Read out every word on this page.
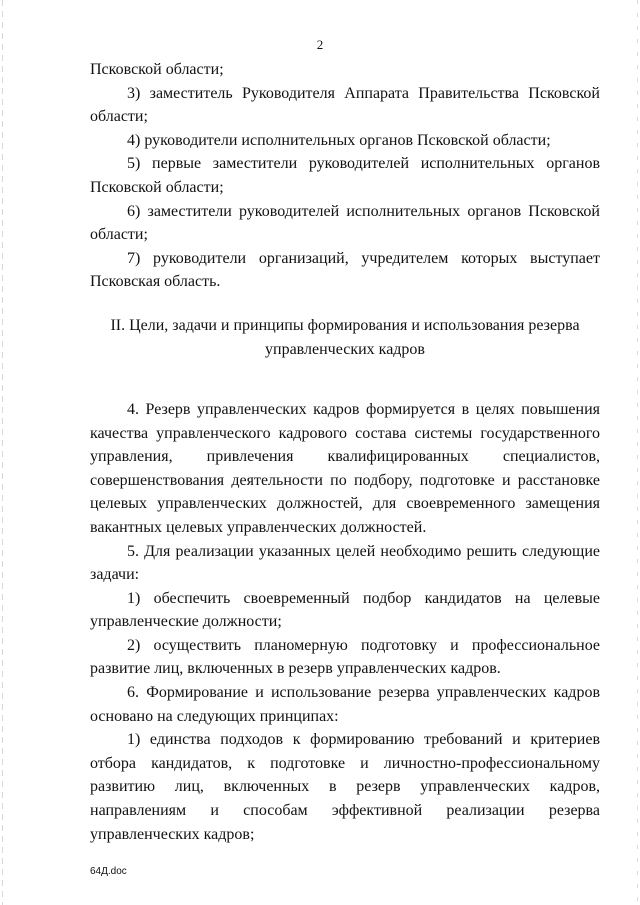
2

Псковской области;

3) заместитель Руководителя Аппарата Правительства Псковской области;

4) руководители исполнительных органов Псковской области;

5) первые заместители руководителей исполнительных органов Псковской области;

6) заместители руководителей исполнительных органов Псковской области;

7) руководители организаций, учредителем которых выступает Псковская область.

II. Цели, задачи и принципы формирования и использования резерва
управленческих кадров

4. Резерв управленческих кадров формируется в целях повышения качества управленческого кадрового состава системы государственного управления, привлечения квалифицированных специалистов, совершенствования деятельности по подбору, подготовке и расстановке целевых управленческих должностей, для своевременного замещения вакантных целевых управленческих должностей.

5. Для реализации указанных целей необходимо решить следующие задачи:

1) обеспечить своевременный подбор кандидатов на целевые управленческие должности;

2) осуществить планомерную подготовку и профессиональное развитие лиц, включенных в резерв управленческих кадров.

6. Формирование и использование резерва управленческих кадров основано на следующих принципах:

1) единства подходов к формированию требований и критериев отбора кандидатов, к подготовке и личностно-профессиональному развитию лиц, включенных в резерв управленческих кадров, направлениям и способам эффективной реализации резерва управленческих кадров;

64Д.doc
